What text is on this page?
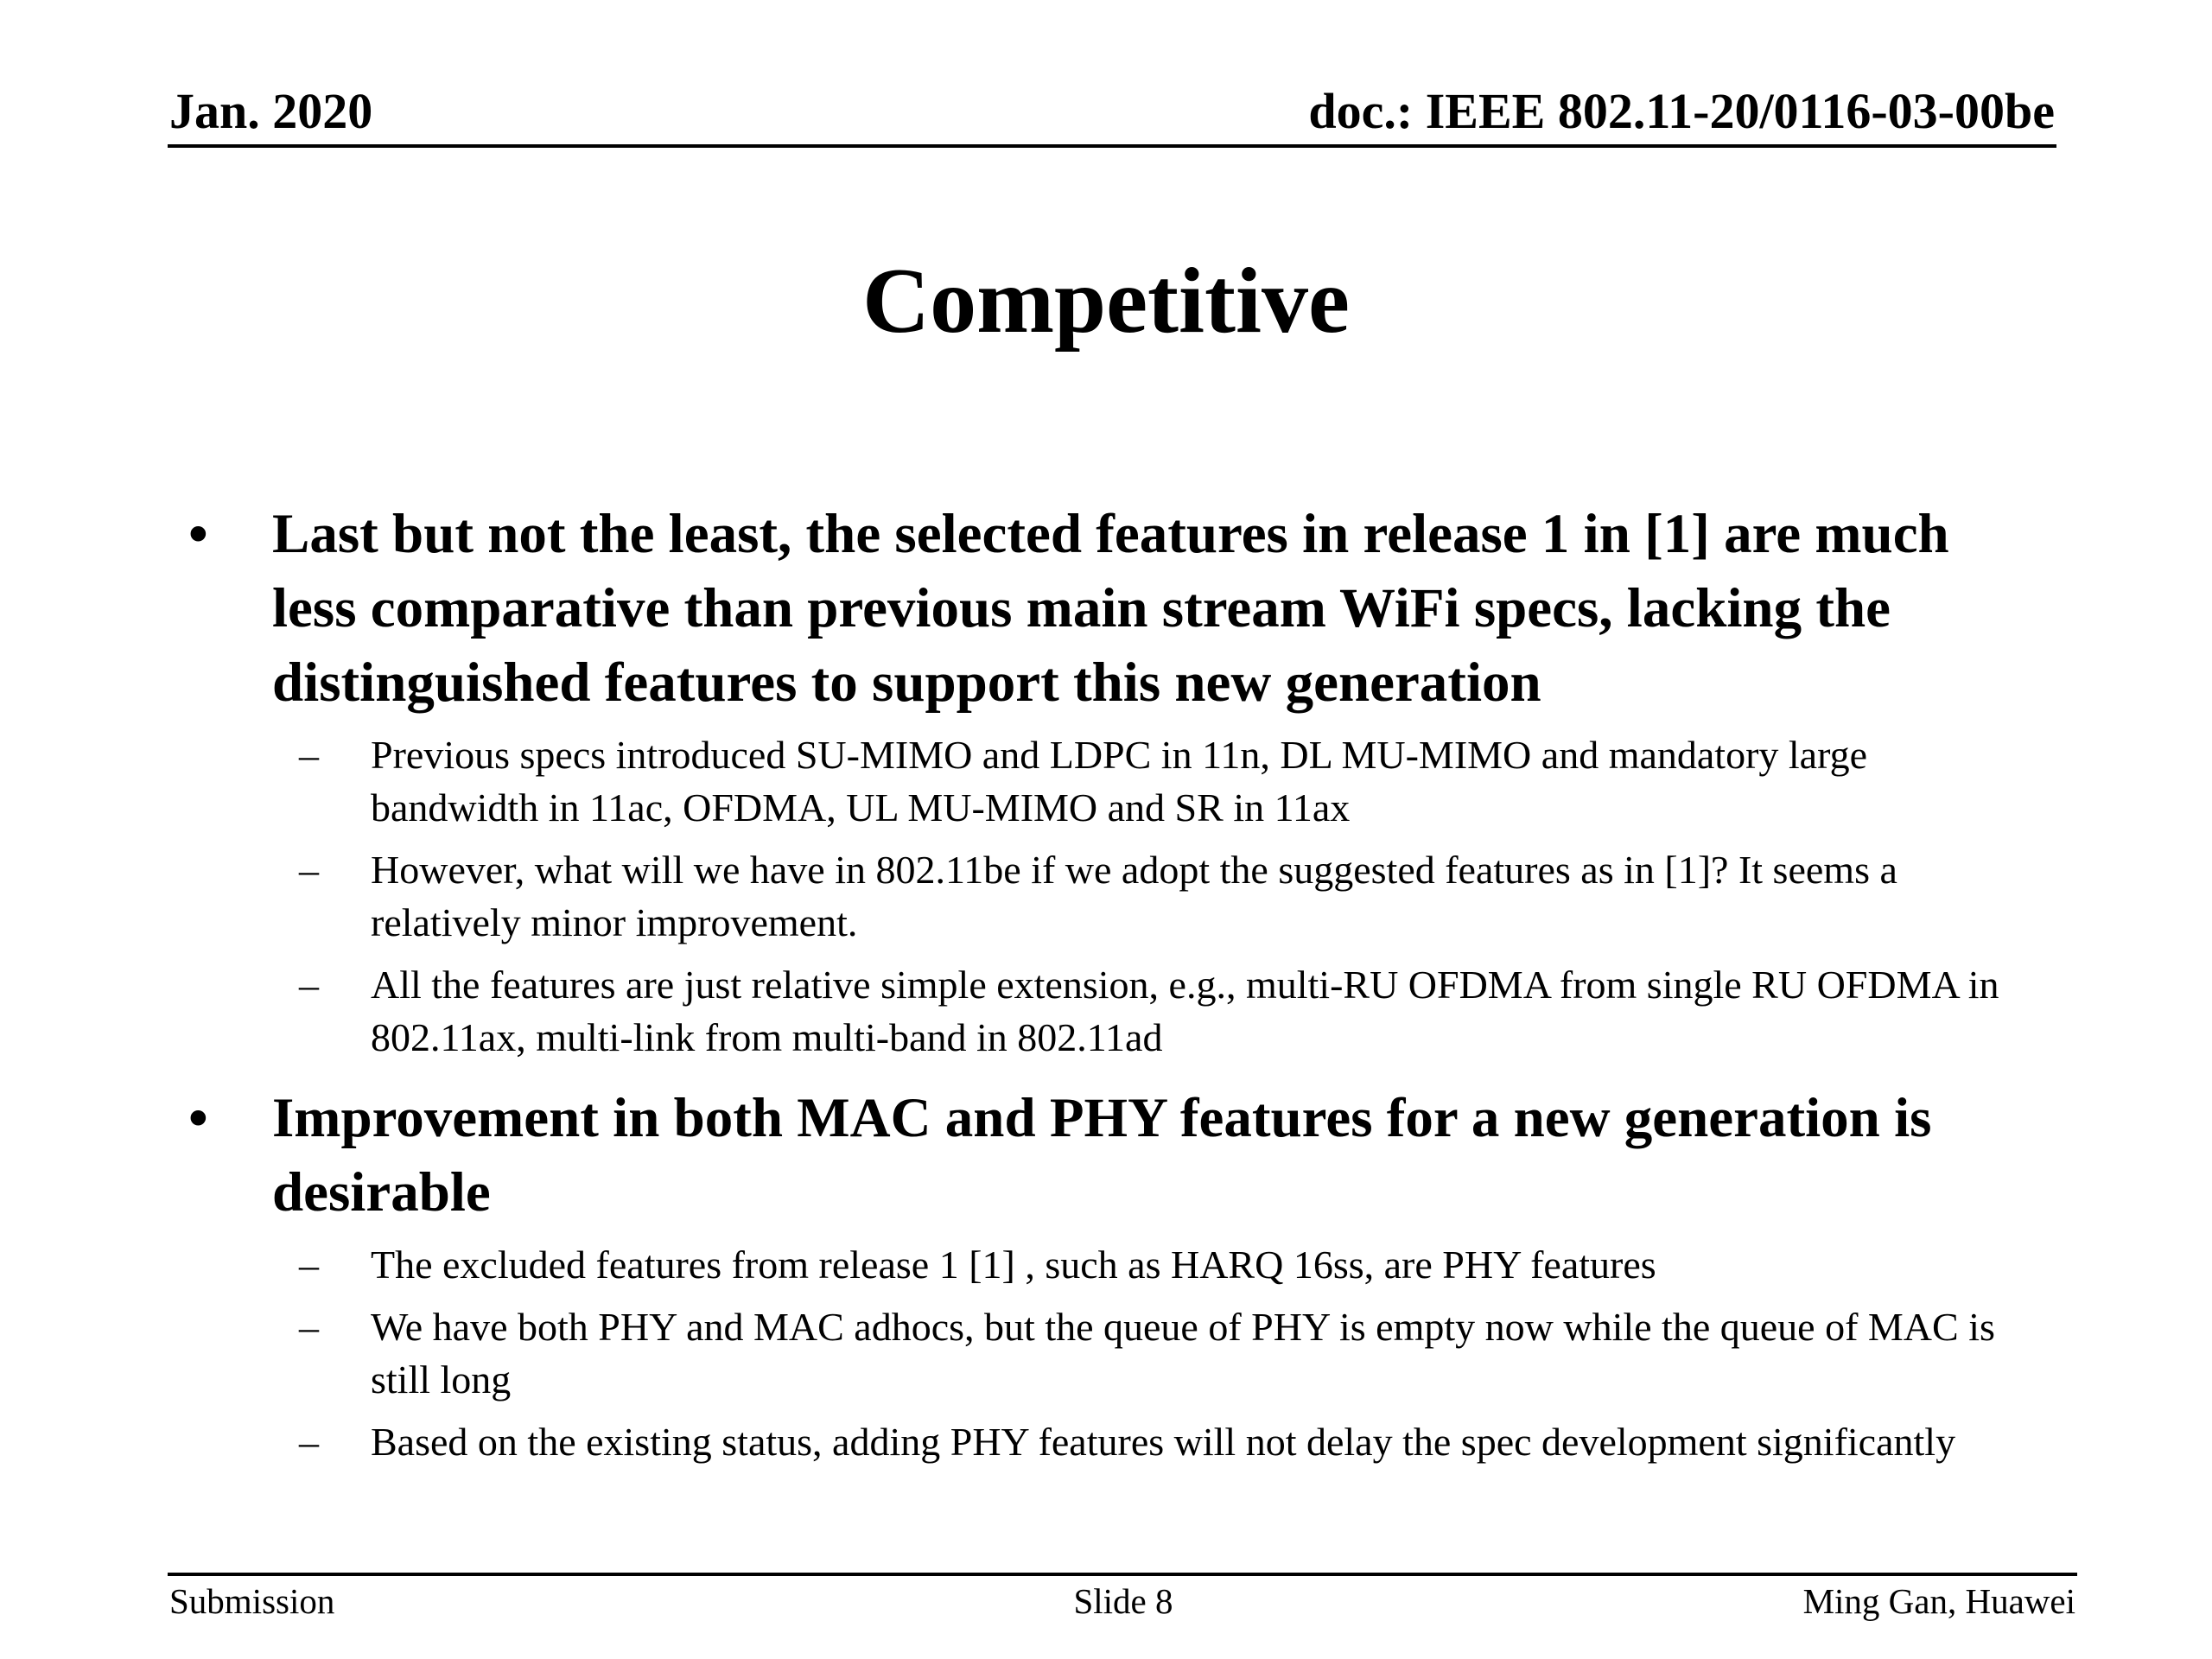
Jan. 2020	doc.: IEEE 802.11-20/0116-03-00be
Competitive
• Last but not the least, the selected features in release 1 in [1] are much less comparative than previous main stream WiFi specs, lacking the distinguished features to support this new generation
– Previous specs introduced SU-MIMO and LDPC in 11n, DL MU-MIMO and mandatory large bandwidth in 11ac, OFDMA, UL MU-MIMO and SR in 11ax
– However, what will we have in 802.11be if we adopt the suggested features as in [1]? It seems a relatively minor improvement.
– All the features are just relative simple extension, e.g., multi-RU OFDMA from single RU OFDMA in 802.11ax, multi-link from multi-band in 802.11ad
• Improvement in both MAC and PHY features for a new generation is desirable
– The excluded features from release 1 [1] , such as HARQ 16ss, are PHY features
– We have both PHY and MAC adhocs, but the queue of PHY is empty now while the queue of MAC is still long
– Based on the existing status, adding PHY features will not delay the spec development significantly
Submission	Slide 8	Ming Gan, Huawei
